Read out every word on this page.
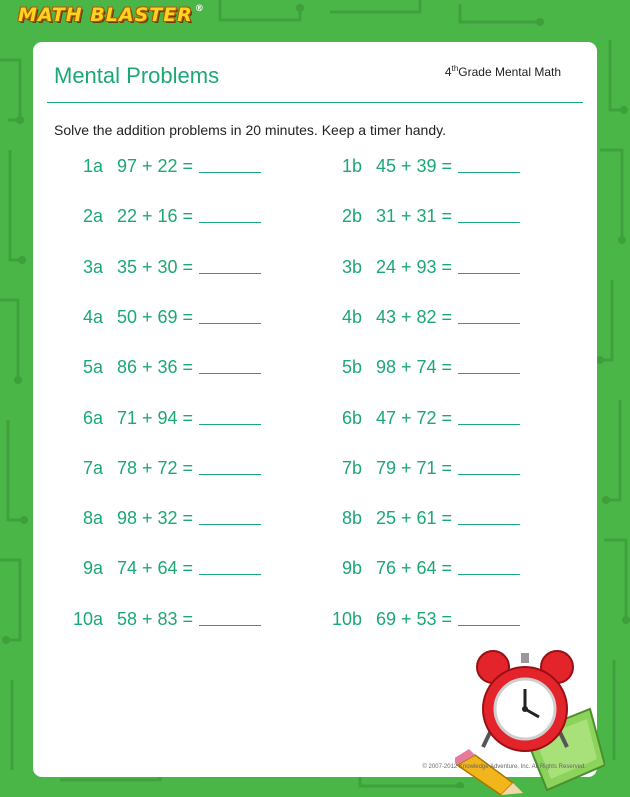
MATH BLASTER ®
4thGrade Mental Math
Mental Problems
Solve the addition problems in 20 minutes. Keep a timer handy.
1a 97 + 22 =
2a 22 + 16 =
3a 35 + 30 =
4a 50 + 69 =
5a 86 + 36 =
6a 71 + 94 =
7a 78 + 72 =
8a 98 + 32 =
9a 74 + 64 =
10a 58 + 83 =
1b 45 + 39 =
2b 31 + 31 =
3b 24 + 93 =
4b 43 + 82 =
5b 98 + 74 =
6b 47 + 72 =
7b 79 + 71 =
8b 25 + 61 =
9b 76 + 64 =
10b 69 + 53 =
© 2007-2012 Knowledge Adventure, Inc. All Rights Reserved.
